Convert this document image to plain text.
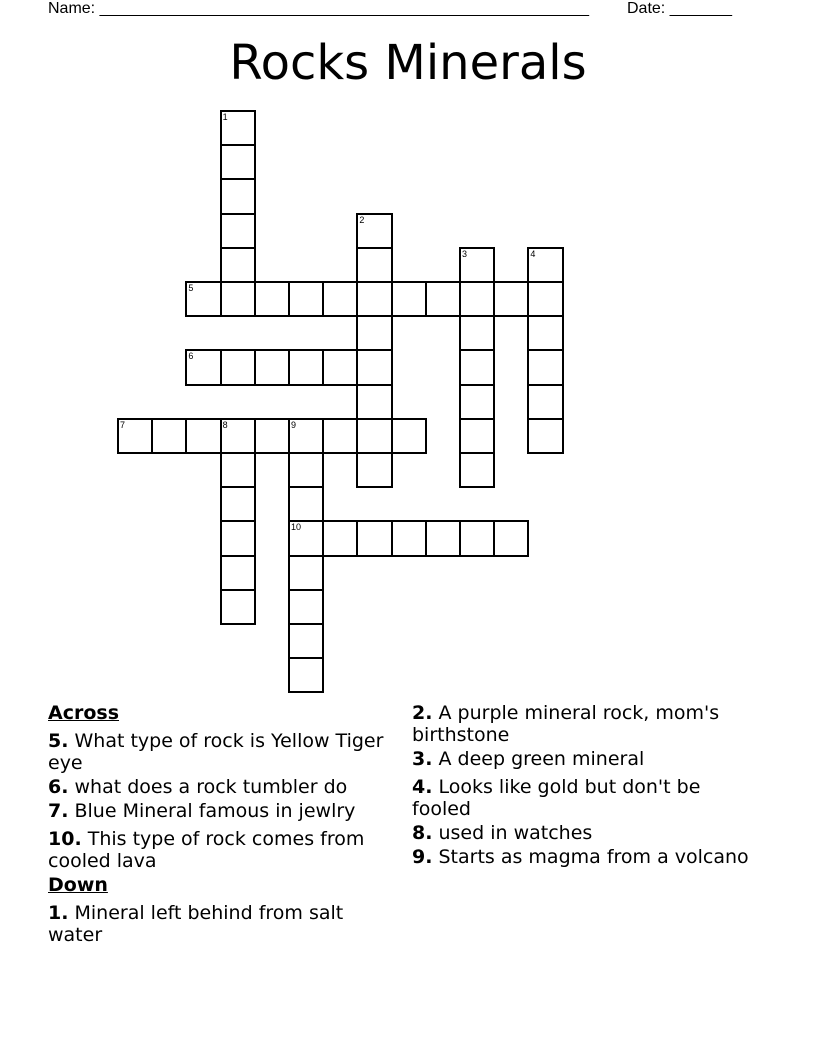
Name: _______________________________________________________ Date: _______
Rocks Minerals
1
2
3	4
5
6
7	8	9
10
Across
5. What type of rock is Yellow Tiger eye
6. what does a rock tumbler do
7. Blue Mineral famous in jewlry
10. This type of rock comes from cooled lava
Down
1. Mineral left behind from salt water
2. A purple mineral rock, mom's birthstone
3. A deep green mineral
4. Looks like gold but don't be fooled
8. used in watches
9. Starts as magma from a volcano
